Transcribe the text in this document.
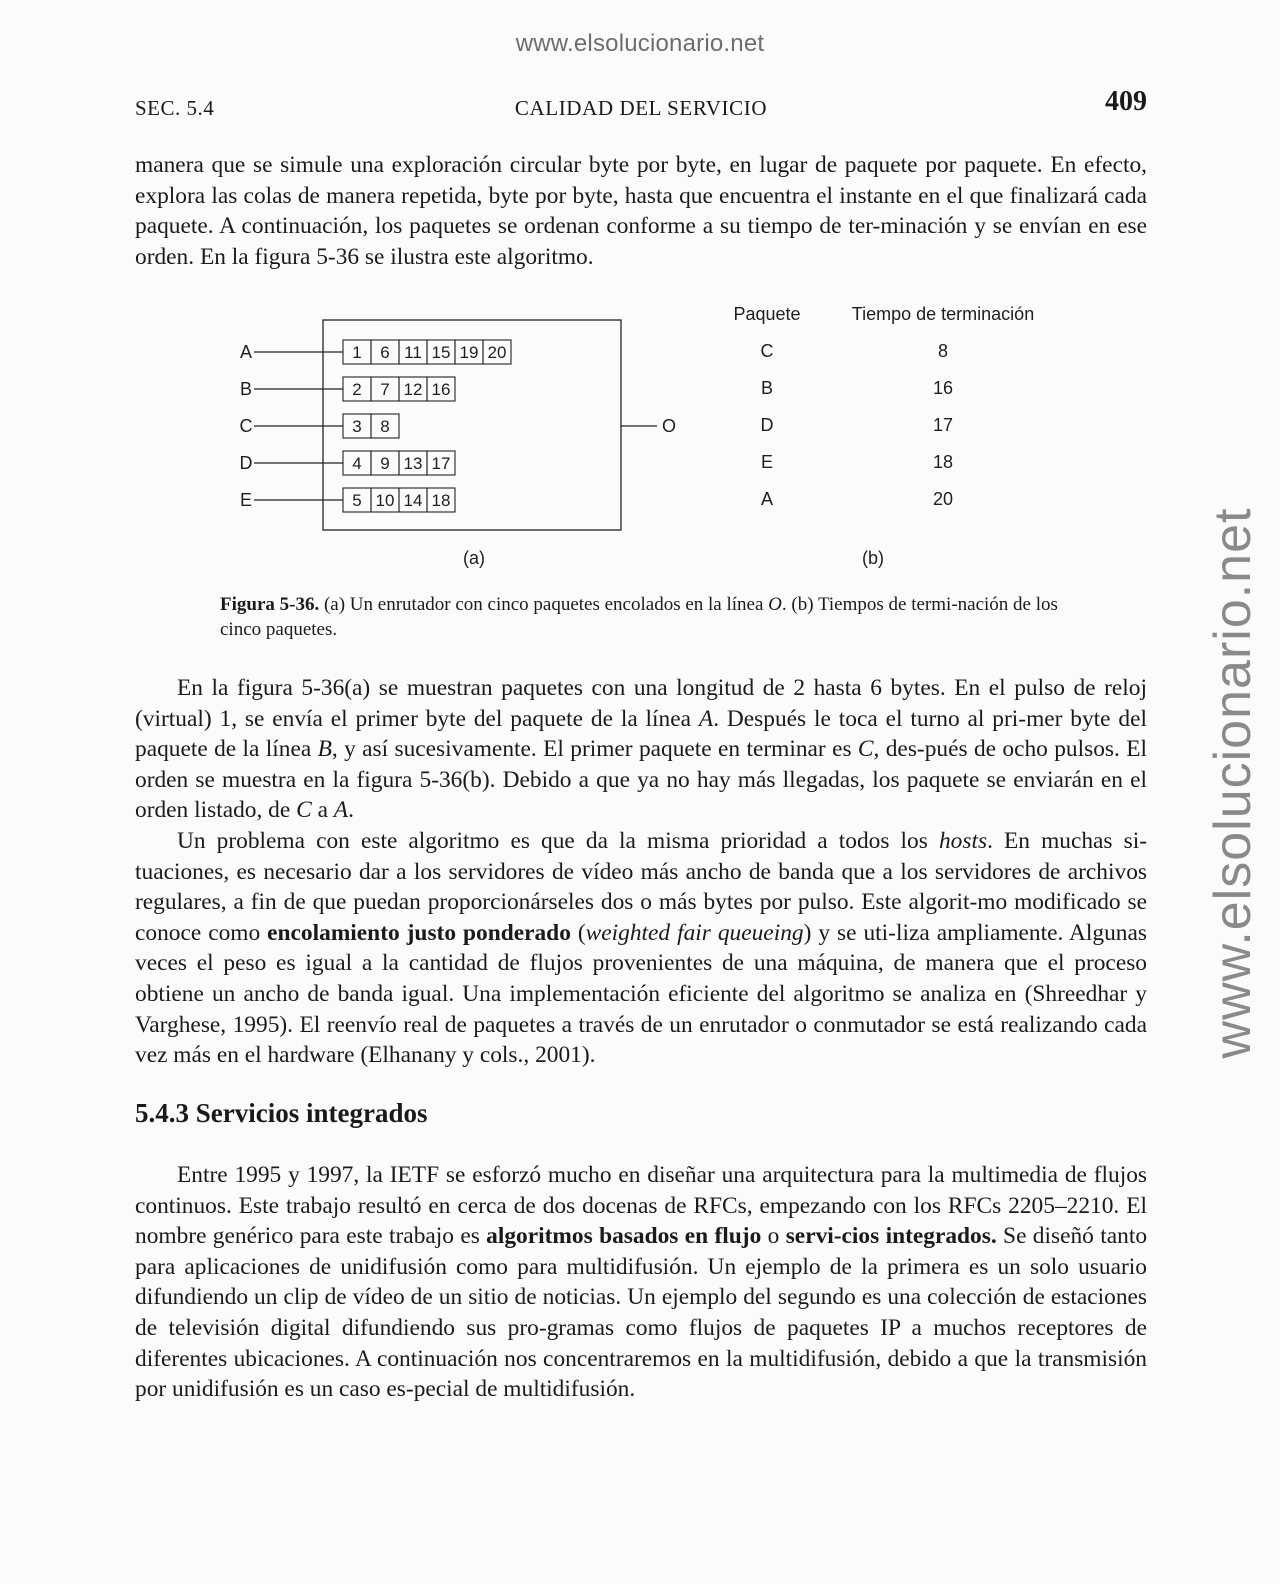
www.elsolucionario.net
www.elsolucionario.net
SEC. 5.4	CALIDAD DEL SERVICIO	409

manera que se simule una exploración circular byte por byte, en lugar de paquete por paquete. En efecto, explora las colas de manera repetida, byte por byte, hasta que encuentra el instante en el que finalizará cada paquete. A continuación, los paquetes se ordenan conforme a su tiempo de ter-minación y se envían en ese orden. En la figura 5-36 se ilustra este algoritmo.

A	1 6 11 15 19 20
B	2 7 12 16
C	3 8
D	4 9 13 17
E	5 10 14 18
O
Paquete	Tiempo de terminación
C	8
B	16
D	17
E	18
A	20
(a)	(b)

Figura 5-36. (a) Un enrutador con cinco paquetes encolados en la línea O. (b) Tiempos de termi-nación de los cinco paquetes.

En la figura 5-36(a) se muestran paquetes con una longitud de 2 hasta 6 bytes. En el pulso de reloj (virtual) 1, se envía el primer byte del paquete de la línea A. Después le toca el turno al pri-mer byte del paquete de la línea B, y así sucesivamente. El primer paquete en terminar es C, des-pués de ocho pulsos. El orden se muestra en la figura 5-36(b). Debido a que ya no hay más llegadas, los paquete se enviarán en el orden listado, de C a A.

Un problema con este algoritmo es que da la misma prioridad a todos los hosts. En muchas si-tuaciones, es necesario dar a los servidores de vídeo más ancho de banda que a los servidores de archivos regulares, a fin de que puedan proporcionárseles dos o más bytes por pulso. Este algorit-mo modificado se conoce como encolamiento justo ponderado (weighted fair queueing) y se uti-liza ampliamente. Algunas veces el peso es igual a la cantidad de flujos provenientes de una máquina, de manera que el proceso obtiene un ancho de banda igual. Una implementación eficiente del algoritmo se analiza en (Shreedhar y Varghese, 1995). El reenvío real de paquetes a través de un enrutador o conmutador se está realizando cada vez más en el hardware (Elhanany y cols., 2001).

5.4.3 Servicios integrados

Entre 1995 y 1997, la IETF se esforzó mucho en diseñar una arquitectura para la multimedia de flujos continuos. Este trabajo resultó en cerca de dos docenas de RFCs, empezando con los RFCs 2205–2210. El nombre genérico para este trabajo es algoritmos basados en flujo o servi-cios integrados. Se diseñó tanto para aplicaciones de unidifusión como para multidifusión. Un ejemplo de la primera es un solo usuario difundiendo un clip de vídeo de un sitio de noticias. Un ejemplo del segundo es una colección de estaciones de televisión digital difundiendo sus pro-gramas como flujos de paquetes IP a muchos receptores de diferentes ubicaciones. A continuación nos concentraremos en la multidifusión, debido a que la transmisión por unidifusión es un caso es-pecial de multidifusión.
